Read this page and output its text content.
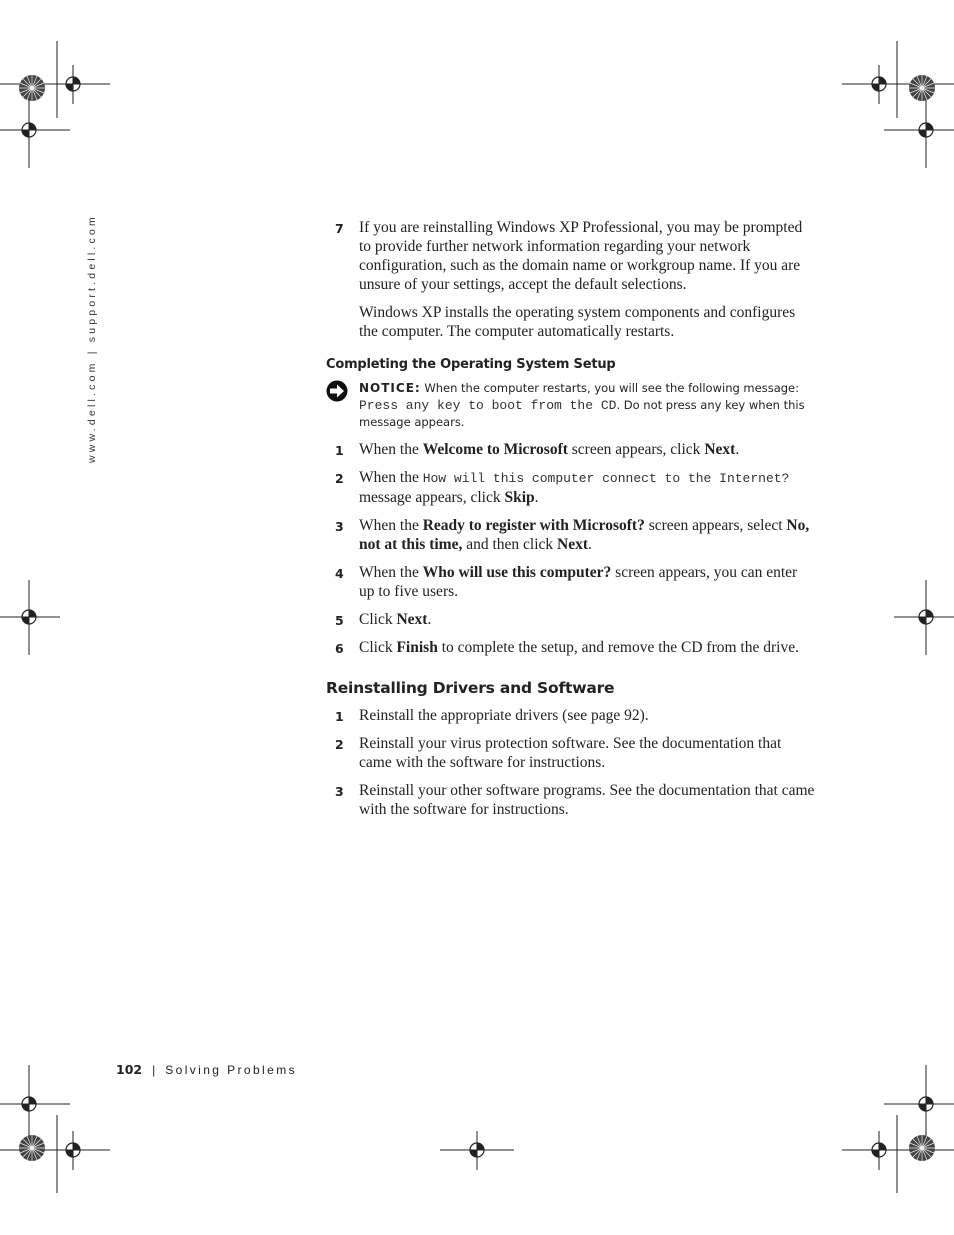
www.dell.com | support.dell.com	7 If you are reinstalling Windows XP Professional, you may be prompted to provide further network information regarding your network configuration, such as the domain name or workgroup name. If you are unsure of your settings, accept the default selections.
Windows XP installs the operating system components and configures the computer. The computer automatically restarts.
Completing the Operating System Setup
NOTICE: When the computer restarts, you will see the following message: Press any key to boot from the CD. Do not press any key when this message appears.
1 When the Welcome to Microsoft screen appears, click Next.
2 When the How will this computer connect to the Internet? message appears, click Skip.
3 When the Ready to register with Microsoft? screen appears, select No, not at this time, and then click Next.
4 When the Who will use this computer? screen appears, you can enter up to five users.
5 Click Next.
6 Click Finish to complete the setup, and remove the CD from the drive.
Reinstalling Drivers and Software
1 Reinstall the appropriate drivers (see page 92).
2 Reinstall your virus protection software. See the documentation that came with the software for instructions.
3 Reinstall your other software programs. See the documentation that came with the software for instructions.
102 | Solving Problems
